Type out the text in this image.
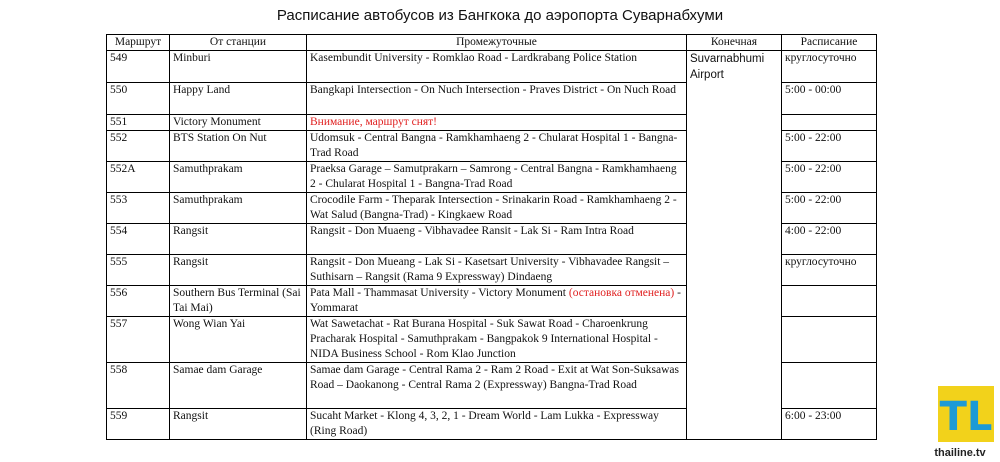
Расписание автобусов из Бангкока до аэропорта Суварнабхуми
Маршрут	От станции	Промежуточные	Конечная	Расписание
549	Minburi	Kasembundit University - Romklao Road - Lardkrabang Police Station	Suvarnabhumi Airport	круглосуточно
550	Happy Land	Bangkapi Intersection - On Nuch Intersection - Praves District - On Nuch Road		5:00 - 00:00
551	Victory Monument	Внимание, маршрут снят!		
552	BTS Station On Nut	Udomsuk - Central Bangna - Ramkhamhaeng 2 - Chularat Hospital 1 - Bangna-Trad Road		5:00 - 22:00
552A	Samuthprakam	Praeksa Garage – Samutprakarn – Samrong - Central Bangna - Ramkhamhaeng 2 - Chularat Hospital 1 - Bangna-Trad Road		5:00 - 22:00
553	Samuthprakam	Crocodile Farm - Theparak Intersection - Srinakarin Road - Ramkhamhaeng 2 - Wat Salud (Bangna-Trad) - Kingkaew Road		5:00 - 22:00
554	Rangsit	Rangsit - Don Muaeng - Vibhavadee Ransit - Lak Si - Ram Intra Road		4:00 - 22:00
555	Rangsit	Rangsit - Don Mueang - Lak Si - Kasetsart University - Vibhavadee Rangsit – Suthisarn – Rangsit (Rama 9 Expressway) Dindaeng		круглосуточно
556	Southern Bus Terminal (Sai Tai Mai)	Pata Mall - Thammasat University - Victory Monument (остановка отменена) - Yommarat		
557	Wong Wian Yai	Wat Sawetachat - Rat Burana Hospital - Suk Sawat Road - Charoenkrung Pracharak Hospital - Samuthprakam - Bangpakok 9 International Hospital - NIDA Business School - Rom Klao Junction		
558	Samae dam Garage	Samae dam Garage - Central Rama 2 - Ram 2 Road - Exit at Wat Son-Suksawas Road – Daokanong - Central Rama 2 (Expressway) Bangna-Trad Road		
559	Rangsit	Sucaht Market - Klong 4, 3, 2, 1 - Dream World - Lam Lukka - Expressway (Ring Road)		6:00 - 23:00 TL
thailine.tv
